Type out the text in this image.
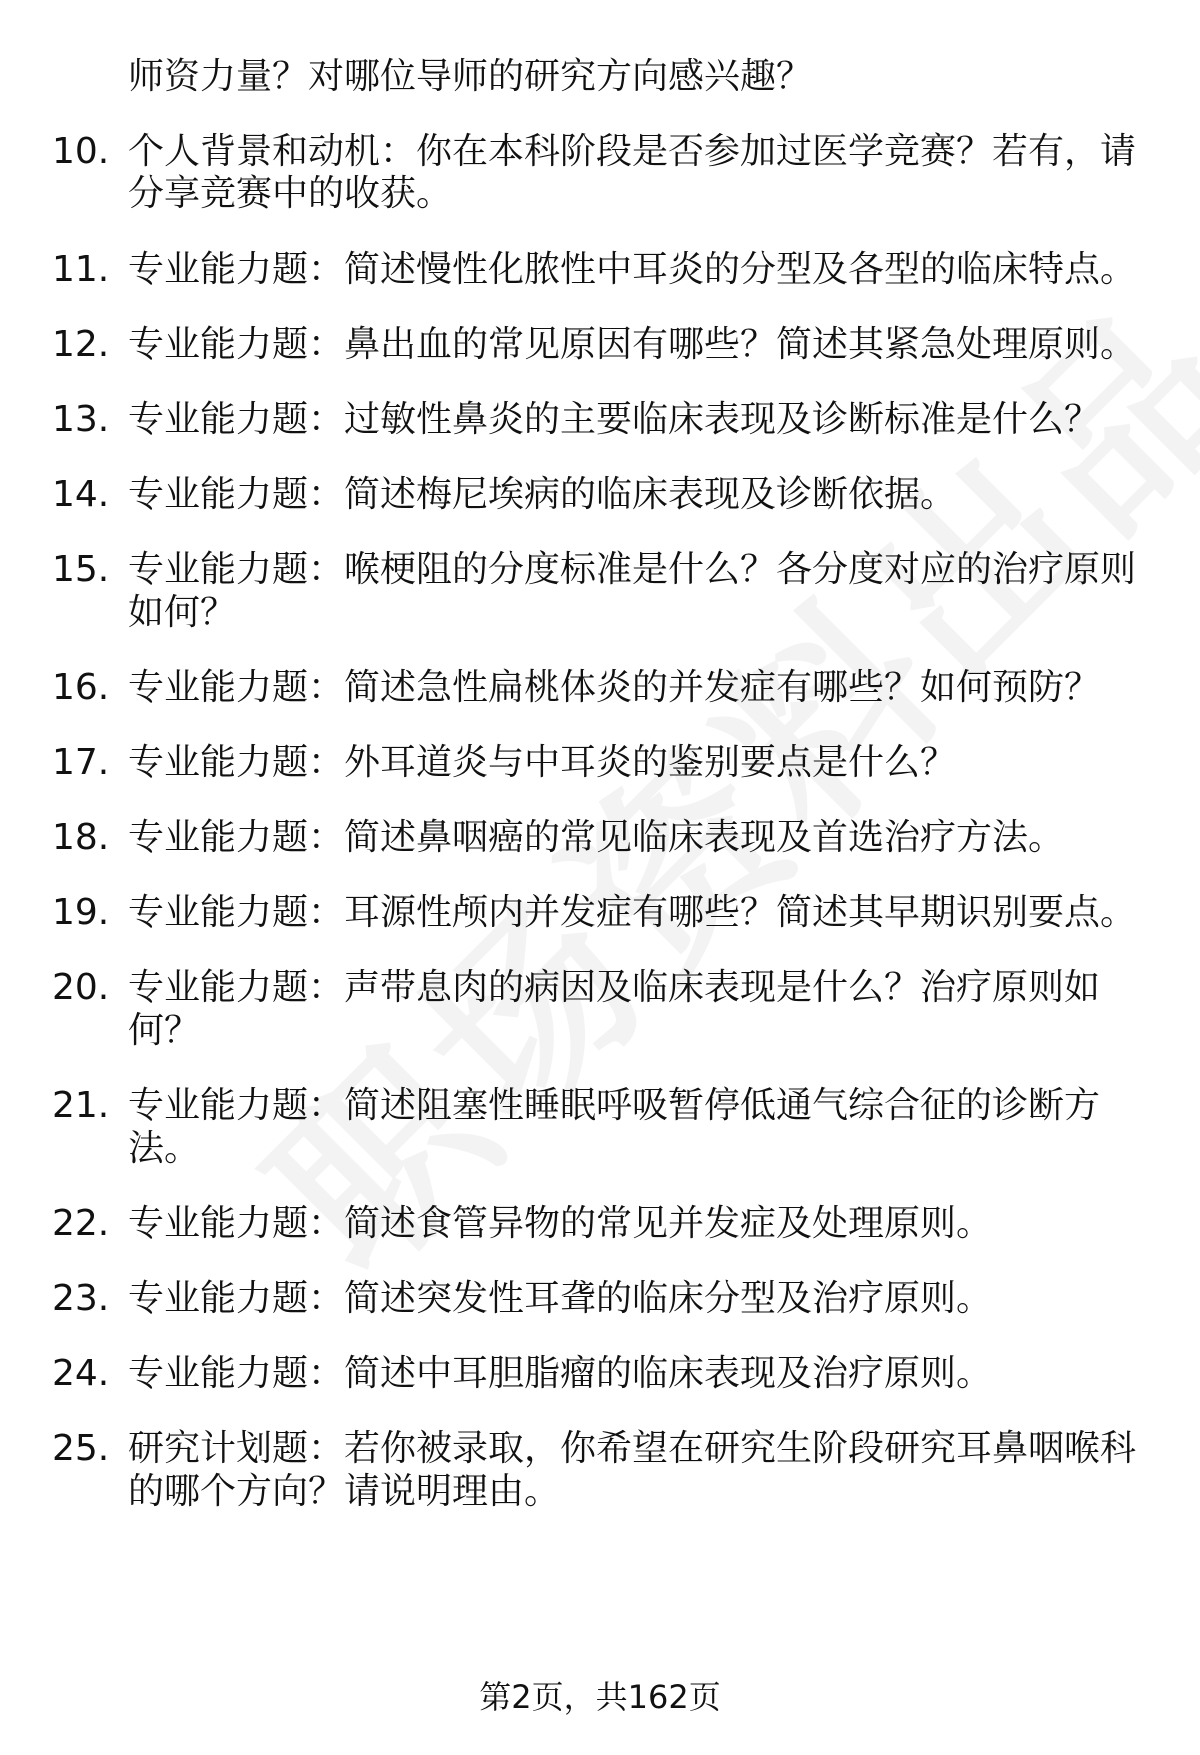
师资力量？对哪位导师的研究方向感兴趣？
10. 个人背景和动机：你在本科阶段是否参加过医学竞赛？若有，请
分享竞赛中的收获。
11. 专业能力题：简述慢性化脓性中耳炎的分型及各型的临床特点。
12. 专业能力题：鼻出血的常见原因有哪些？简述其紧急处理原则。
13. 专业能力题：过敏性鼻炎的主要临床表现及诊断标准是什么？
14. 专业能力题：简述梅尼埃病的临床表现及诊断依据。
15. 专业能力题：喉梗阻的分度标准是什么？各分度对应的治疗原则
如何？
16. 专业能力题：简述急性扁桃体炎的并发症有哪些？如何预防？
17. 专业能力题：外耳道炎与中耳炎的鉴别要点是什么？
18. 专业能力题：简述鼻咽癌的常见临床表现及首选治疗方法。
19. 专业能力题：耳源性颅内并发症有哪些？简述其早期识别要点。
20. 专业能力题：声带息肉的病因及临床表现是什么？治疗原则如
何？
21. 专业能力题：简述阻塞性睡眠呼吸暂停低通气综合征的诊断方
法。
22. 专业能力题：简述食管异物的常见并发症及处理原则。
23. 专业能力题：简述突发性耳聋的临床分型及治疗原则。
24. 专业能力题：简述中耳胆脂瘤的临床表现及治疗原则。
25. 研究计划题：若你被录取，你希望在研究生阶段研究耳鼻咽喉科
的哪个方向？请说明理由。
第2页，共162页
